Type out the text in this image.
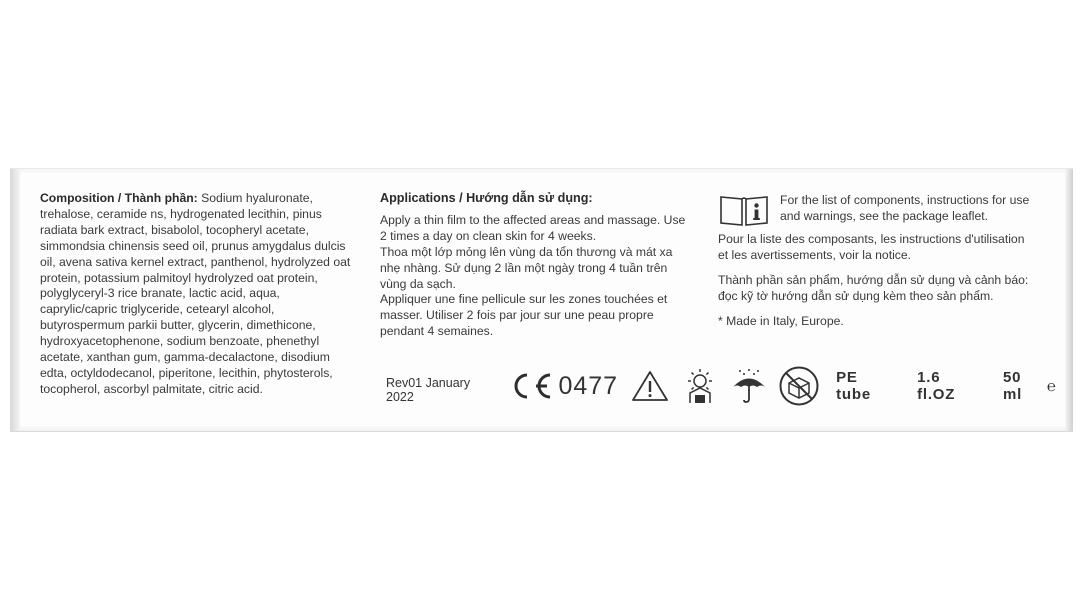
Composition / Thành phần: Sodium hyaluronate, trehalose, ceramide ns, hydrogenated lecithin, pinus radiata bark extract, bisabolol, tocopheryl acetate, simmondsia chinensis seed oil, prunus amygdalus dulcis oil, avena sativa kernel extract, panthenol, hydrolyzed oat protein, potassium palmitoyl hydrolyzed oat protein, polyglyceryl-3 rice branate, lactic acid, aqua, caprylic/capric triglyceride, cetearyl alcohol, butyrospermum parkii butter, glycerin, dimethicone, hydroxyacetophenone, sodium benzoate, phenethyl acetate, xanthan gum, gamma-decalactone, disodium edta, octyldodecanol, piperitone, lecithin, phytosterols, tocopherol, ascorbyl palmitate, citric acid.
Applications / Hướng dẫn sử dụng:
Apply a thin film to the affected areas and massage. Use 2 times a day on clean skin for 4 weeks.
Thoa một lớp mỏng lên vùng da tổn thương và mát xa nhẹ nhàng. Sử dụng 2 lần một ngày trong 4 tuần trên vùng da sạch.
Appliquer une fine pellicule sur les zones touchées et masser. Utiliser 2 fois par jour sur une peau propre pendant 4 semaines.
For the list of components, instructions for use and warnings, see the package leaflet.
Pour la liste des composants, les instructions d'utilisation et les avertissements, voir la notice.
Thành phần sản phẩm, hướng dẫn sử dụng và cảnh báo: đọc kỹ tờ hướng dẫn sử dụng kèm theo sản phẩm.
* Made in Italy, Europe.
Rev01 January 2022	0477	PE tube
1.6 fl.OZ
50 ml	℮
